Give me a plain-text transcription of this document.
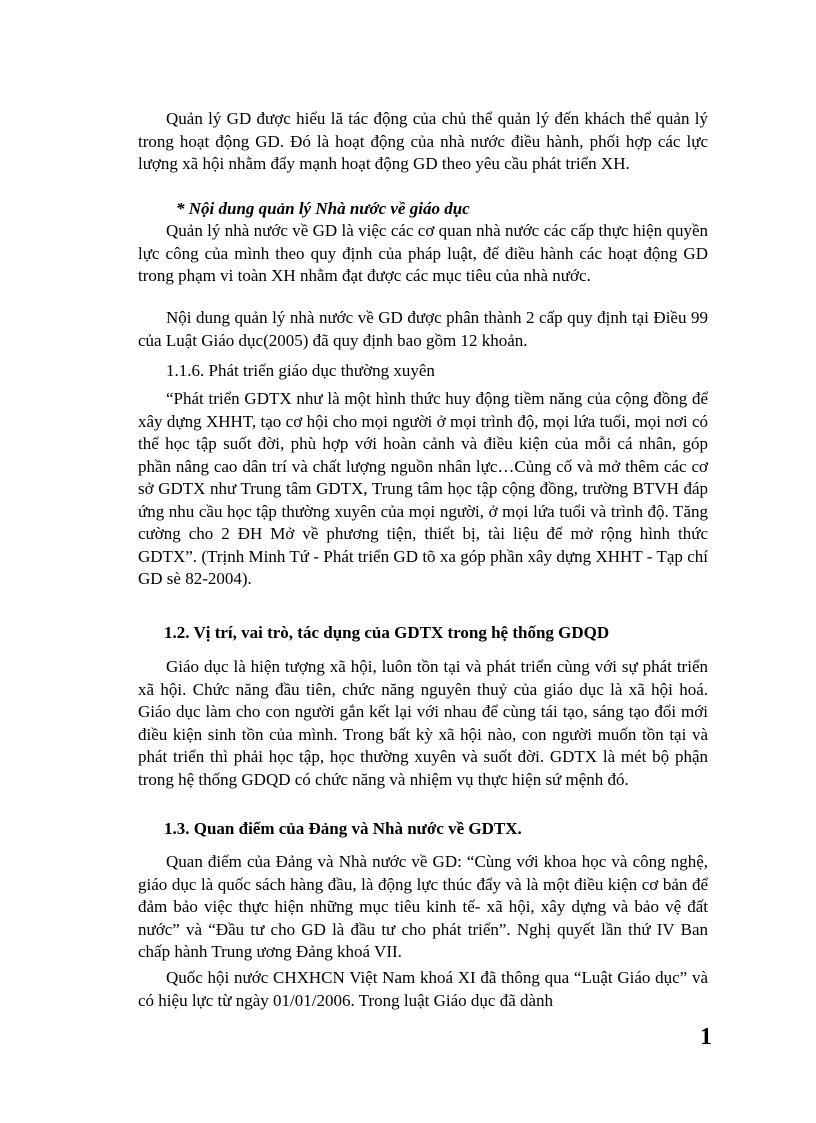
Quản lý GD được hiểu lă tác động của chủ thể quản lý đến khách thể quản lý trong hoạt động GD. Đó là hoạt động của nhà nước điều hành, phối hợp các lực lượng xã hội nhằm đẩy mạnh hoạt động GD theo yêu cầu phát triển XH.

* Nội dung quản lý Nhà nước về giáo dục

Quản lý nhà nước về GD là việc các cơ quan nhà nước các cấp thực hiện quyền lực công của mình theo quy định của pháp luật, để điều hành các hoạt động GD trong phạm vi toàn XH nhằm đạt được các mục tiêu của nhà nước.

Nội dung quản lý nhà nước về GD được phân thành 2 cấp quy định tại Điều 99 của Luật Giáo dục(2005) đã quy định bao gồm 12 khoản.

1.1.6. Phát triển giáo dục thường xuyên

“Phát triển GDTX như là một hình thức huy động tiềm năng của cộng đồng để xây dựng XHHT, tạo cơ hội cho mọi người ở mọi trình độ, mọi lứa tuổi, mọi nơi có thể học tập suốt đời, phù hợp với hoàn cảnh và điều kiện của mỗi cá nhân, góp phần nâng cao dân trí và chất lượng nguồn nhân lực…Củng cố và mở thêm các cơ sở GDTX như Trung tâm GDTX, Trung tâm học tập cộng đồng, trường BTVH đáp ứng nhu cầu học tập thường xuyên của mọi người, ở mọi lứa tuổi và trình độ. Tăng cường cho 2 ĐH Mở về phương tiện, thiết bị, tài liệu để mở rộng hình thức GDTX”. (Trịnh Minh Tứ - Phát triển GD tõ xa góp phần xây dựng XHHT - Tạp chí GD sè 82-2004).

1.2. Vị trí, vai trò, tác dụng của GDTX trong hệ thống GDQD

Giáo dục là hiện tượng xã hội, luôn tồn tại và phát triển cùng với sự phát triển xã hội. Chức năng đầu tiên, chức năng nguyên thuỷ của giáo dục là xã hội hoá. Giáo dục làm cho con người gắn kết lại với nhau để cùng tái tạo, sáng tạo đổi mới điều kiện sinh tồn của mình. Trong bất kỳ xã hội nào, con người muốn tồn tại và phát triển thì phải học tập, học thường xuyên và suốt đời. GDTX là mét bộ phận trong hệ thống GDQD có chức năng và nhiệm vụ thực hiện sứ mệnh đó.

1.3. Quan điểm của Đảng và Nhà nước về GDTX.

Quan điểm của Đảng và Nhà nước về GD: “Cùng với khoa học và công nghệ, giáo dục là quốc sách hàng đầu, là động lực thúc đẩy và là một điều kiện cơ bản để đảm bảo việc thực hiện những mục tiêu kinh tế- xã hội, xây dựng và bảo vệ đất nước” và “Đầu tư cho GD là đầu tư cho phát triển”. Nghị quyết lần thứ IV Ban chấp hành Trung ương Đảng khoá VII.

Quốc hội nước CHXHCN Việt Nam khoá XI đã thông qua “Luật Giáo dục” và có hiệu lực từ ngày 01/01/2006. Trong luật Giáo dục đã dành

1
